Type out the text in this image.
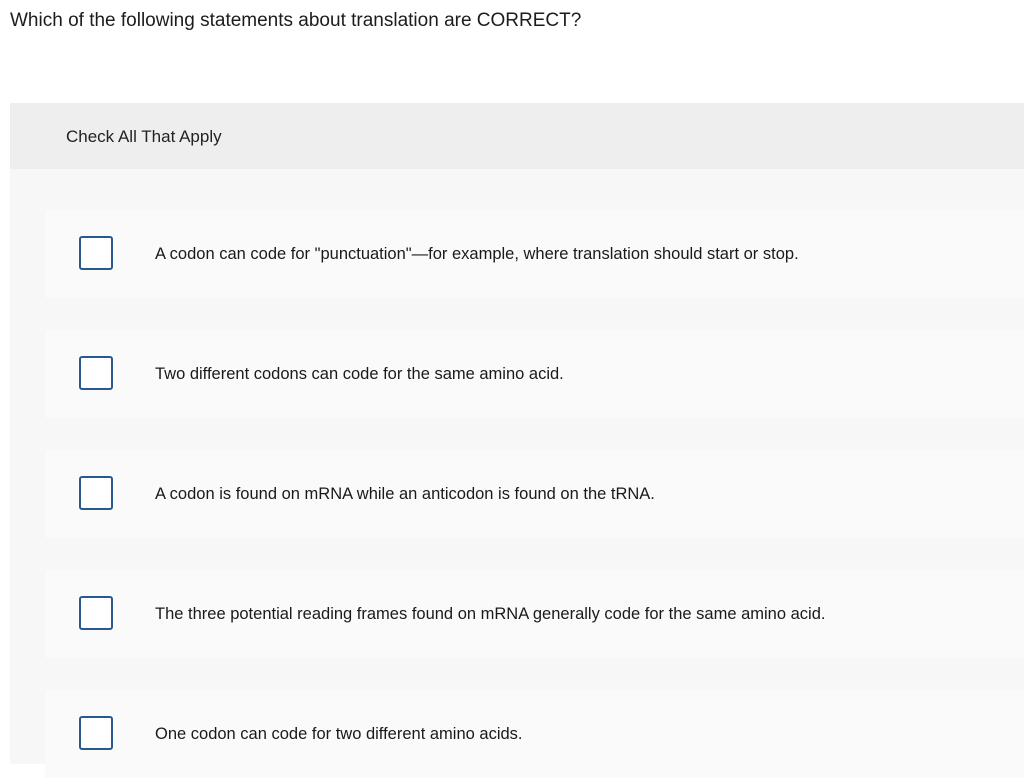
Which of the following statements about translation are CORRECT?
Check All That Apply
A codon can code for "punctuation"—for example, where translation should start or stop.
Two different codons can code for the same amino acid.
A codon is found on mRNA while an anticodon is found on the tRNA.
The three potential reading frames found on mRNA generally code for the same amino acid.
One codon can code for two different amino acids.
